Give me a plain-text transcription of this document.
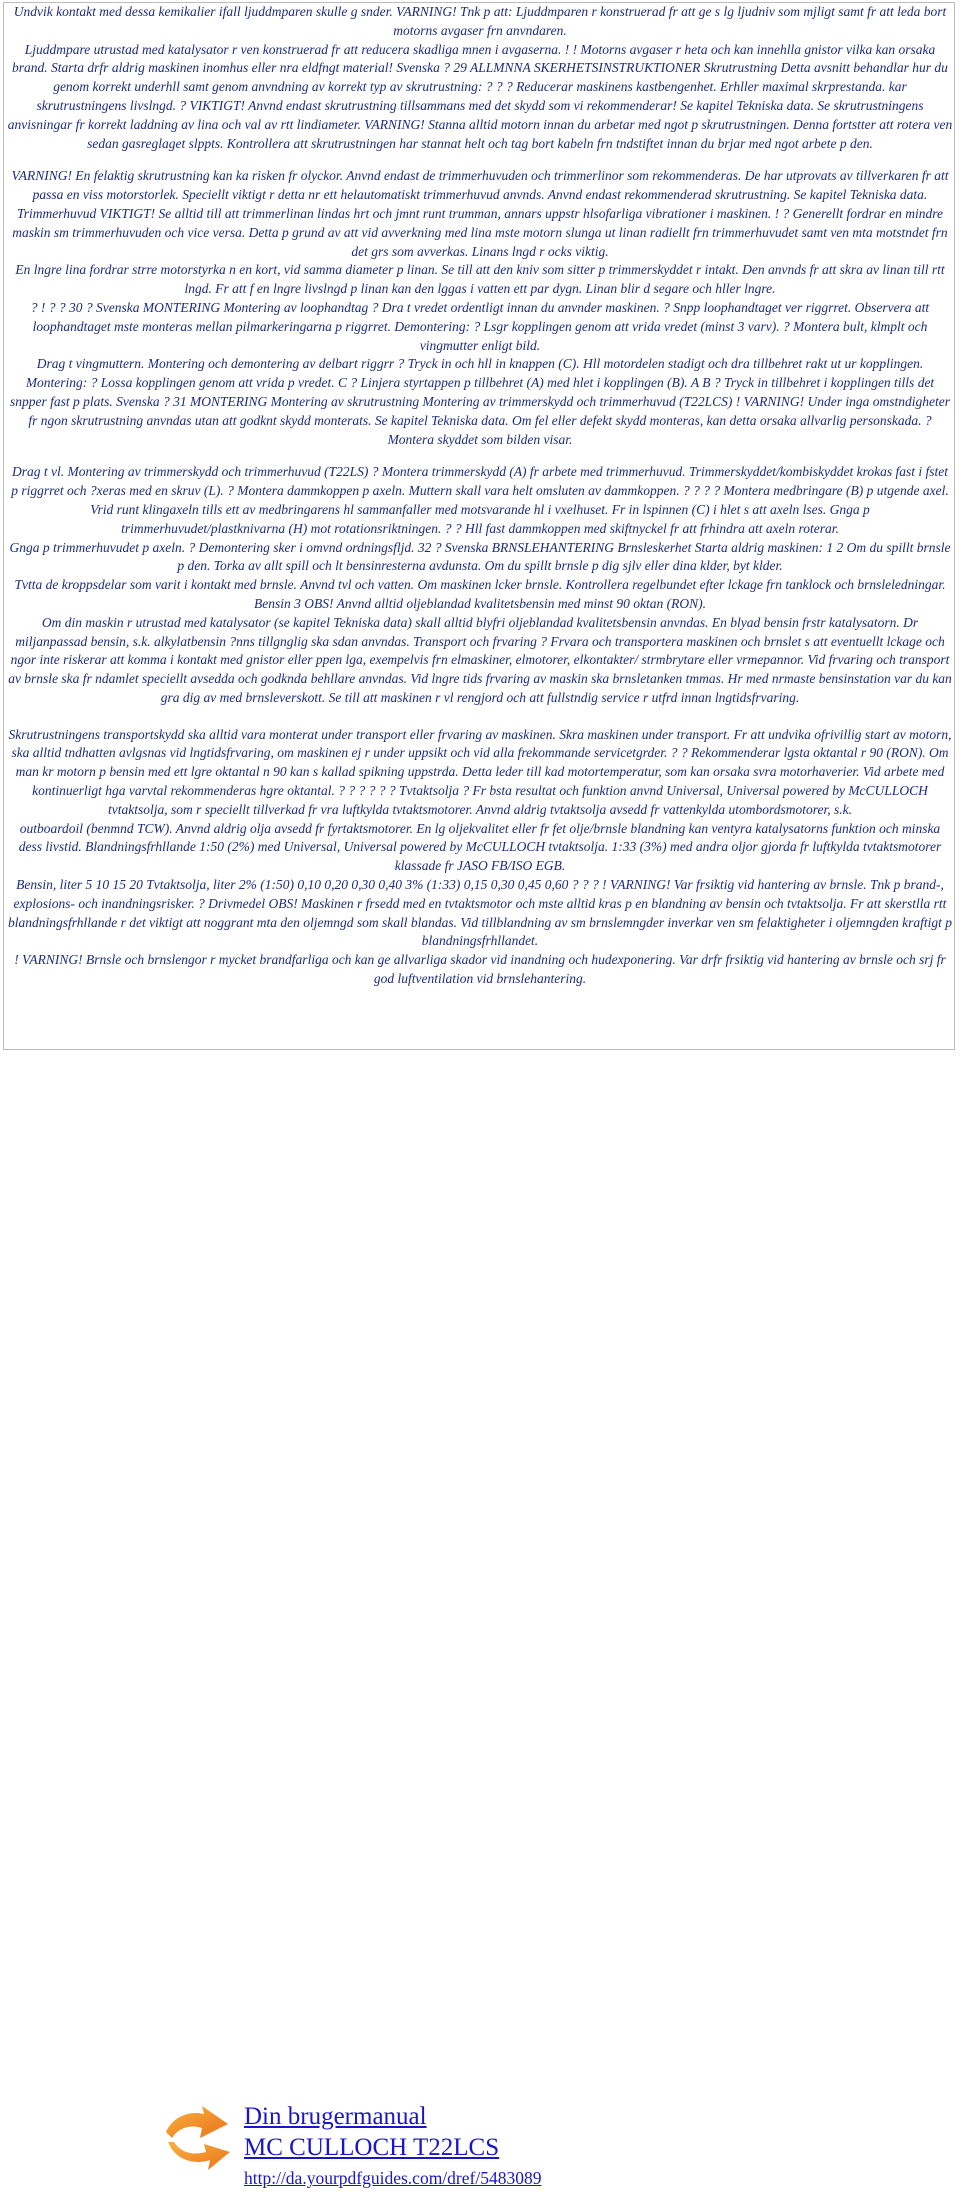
Undvik kontakt med dessa kemikalier ifall ljuddmparen skulle g snder. VARNING! Tnk p att: Ljuddmparen r konstruerad fr att ge s lg ljudniv som mjligt samt fr att leda bort motorns avgaser frn anvndaren.

Ljuddmpare utrustad med katalysator r ven konstruerad fr att reducera skadliga mnen i avgaserna. ! ! Motorns avgaser r heta och kan innehlla gnistor vilka kan orsaka brand. Starta drfr aldrig maskinen inomhus eller nra eldfngt material! Svenska ? 29 ALLMNNA SKERHETSINSTRUKTIONER Skrutrustning Detta avsnitt behandlar hur du genom korrekt underhll samt genom anvndning av korrekt typ av skrutrustning: ? ? ? Reducerar maskinens kastbengenhet. Erhller maximal skrprestanda. kar skrutrustningens livslngd. ? VIKTIGT! Anvnd endast skrutrustning tillsammans med det skydd som vi rekommenderar! Se kapitel Tekniska data. Se skrutrustningens anvisningar fr korrekt laddning av lina och val av rtt lindiameter. VARNING! Stanna alltid motorn innan du arbetar med ngot p skrutrustningen. Denna fortstter att rotera ven sedan gasreglaget slppts. Kontrollera att skrutrustningen har stannat helt och tag bort kabeln frn tndstiftet innan du brjar med ngot arbete p den.

VARNING! En felaktig skrutrustning kan ka risken fr olyckor. Anvnd endast de trimmerhuvuden och trimmerlinor som rekommenderas. De har utprovats av tillverkaren fr att passa en viss motorstorlek. Speciellt viktigt r detta nr ett helautomatiskt trimmerhuvud anvnds. Anvnd endast rekommenderad skrutrustning. Se kapitel Tekniska data. Trimmerhuvud VIKTIGT! Se alltid till att trimmerlinan lindas hrt och jmnt runt trumman, annars uppstr hlsofarliga vibrationer i maskinen. ! ? Generellt fordrar en mindre maskin sm trimmerhuvuden och vice versa. Detta p grund av att vid avverkning med lina mste motorn slunga ut linan radiellt frn trimmerhuvudet samt ven mta motstndet frn det grs som avverkas. Linans lngd r ocks viktig.

En lngre lina fordrar strre motorstyrka n en kort, vid samma diameter p linan. Se till att den kniv som sitter p trimmerskyddet r intakt. Den anvnds fr att skra av linan till rtt lngd. Fr att f en lngre livslngd p linan kan den lggas i vatten ett par dygn. Linan blir d segare och hller lngre.

? ! ? ? 30 ? Svenska MONTERING Montering av loophandtag ? Dra t vredet ordentligt innan du anvnder maskinen. ? Snpp loophandtaget ver riggrret. Observera att loophandtaget mste monteras mellan pilmarkeringarna p riggrret. Demontering: ? Lsgr kopplingen genom att vrida vredet (minst 3 varv). ? Montera bult, klmplt och vingmutter enligt bild.

Drag t vingmuttern. Montering och demontering av delbart riggrr ? Tryck in och hll in knappen (C). Hll motordelen stadigt och dra tillbehret rakt ut ur kopplingen. Montering: ? Lossa kopplingen genom att vrida p vredet. C ? Linjera styrtappen p tillbehret (A) med hlet i kopplingen (B). A B ? Tryck in tillbehret i kopplingen tills det snpper fast p plats. Svenska ? 31 MONTERING Montering av skrutrustning Montering av trimmerskydd och trimmerhuvud (T22LCS) ! VARNING! Under inga omstndigheter fr ngon skrutrustning anvndas utan att godknt skydd monterats. Se kapitel Tekniska data. Om fel eller defekt skydd monteras, kan detta orsaka allvarlig personskada. ? Montera skyddet som bilden visar.

Drag t vl. Montering av trimmerskydd och trimmerhuvud (T22LS) ? Montera trimmerskydd (A) fr arbete med trimmerhuvud. Trimmerskyddet/kombiskyddet krokas fast i fstet p riggrret och ?xeras med en skruv (L). ? Montera dammkoppen p axeln. Muttern skall vara helt omsluten av dammkoppen. ? ? ? ? Montera medbringare (B) p utgende axel. Vrid runt klingaxeln tills ett av medbringarens hl sammanfaller med motsvarande hl i vxelhuset. Fr in lspinnen (C) i hlet s att axeln lses. Gnga p trimmerhuvudet/plastknivarna (H) mot rotationsriktningen. ? ? Hll fast dammkoppen med skiftnyckel fr att frhindra att axeln roterar.

Gnga p trimmerhuvudet p axeln. ? Demontering sker i omvnd ordningsfljd. 32 ? Svenska BRNSLEHANTERING Brnsleskerhet Starta aldrig maskinen: 1 2 Om du spillt brnsle p den. Torka av allt spill och lt bensinresterna avdunsta. Om du spillt brnsle p dig sjlv eller dina klder, byt klder.

Tvtta de kroppsdelar som varit i kontakt med brnsle. Anvnd tvl och vatten. Om maskinen lcker brnsle. Kontrollera regelbundet efter lckage frn tanklock och brnsleledningar. Bensin 3 OBS! Anvnd alltid oljeblandad kvalitetsbensin med minst 90 oktan (RON).

Om din maskin r utrustad med katalysator (se kapitel Tekniska data) skall alltid blyfri oljeblandad kvalitetsbensin anvndas. En blyad bensin frstr katalysatorn. Dr miljanpassad bensin, s.k. alkylatbensin ?nns tillgnglig ska sdan anvndas. Transport och frvaring ? Frvara och transportera maskinen och brnslet s att eventuellt lckage och ngor inte riskerar att komma i kontakt med gnistor eller ppen lga, exempelvis frn elmaskiner, elmotorer, elkontakter/ strmbrytare eller vrmepannor. Vid frvaring och transport av brnsle ska fr ndamlet speciellt avsedda och godknda behllare anvndas. Vid lngre tids frvaring av maskin ska brnsletanken tmmas. Hr med nrmaste bensinstation var du kan gra dig av med brnsleverskott. Se till att maskinen r vl rengjord och att fullstndig service r utfrd innan lngtidsfrvaring.

Skrutrustningens transportskydd ska alltid vara monterat under transport eller frvaring av maskinen. Skra maskinen under transport. Fr att undvika ofrivillig start av motorn, ska alltid tndhatten avlgsnas vid lngtidsfrvaring, om maskinen ej r under uppsikt och vid alla frekommande servicetgrder. ? ? Rekommenderar lgsta oktantal r 90 (RON). Om man kr motorn p bensin med ett lgre oktantal n 90 kan s kallad spikning uppstrda. Detta leder till kad motortemperatur, som kan orsaka svra motorhaverier. Vid arbete med kontinuerligt hga varvtal rekommenderas hgre oktantal. ? ? ? ? ? ? Tvtaktsolja ? Fr bsta resultat och funktion anvnd Universal, Universal powered by McCULLOCH tvtaktsolja, som r speciellt tillverkad fr vra luftkylda tvtaktsmotorer. Anvnd aldrig tvtaktsolja avsedd fr vattenkylda utombordsmotorer, s.k.

outboardoil (benmnd TCW). Anvnd aldrig olja avsedd fr fyrtaktsmotorer. En lg oljekvalitet eller fr fet olje/brnsle blandning kan ventyra katalysatorns funktion och minska dess livstid. Blandningsfrhllande 1:50 (2%) med Universal, Universal powered by McCULLOCH tvtaktsolja. 1:33 (3%) med andra oljor gjorda fr luftkylda tvtaktsmotorer klassade fr JASO FB/ISO EGB.

Bensin, liter 5 10 15 20 Tvtaktsolja, liter 2% (1:50) 0,10 0,20 0,30 0,40 3% (1:33) 0,15 0,30 0,45 0,60 ? ? ? ! VARNING! Var frsiktig vid hantering av brnsle. Tnk p brand-, explosions- och inandningsrisker. ? Drivmedel OBS! Maskinen r frsedd med en tvtaktsmotor och mste alltid kras p en blandning av bensin och tvtaktsolja. Fr att skerstlla rtt blandningsfrhllande r det viktigt att noggrant mta den oljemngd som skall blandas. Vid tillblandning av sm brnslemngder inverkar ven sm felaktigheter i oljemngden kraftigt p blandningsfrhllandet.

! VARNING! Brnsle och brnslengor r mycket brandfarliga och kan ge allvarliga skador vid inandning och hudexponering. Var drfr frsiktig vid hantering av brnsle och srj fr god luftventilation vid brnslehantering.

Din brugermanual
MC CULLOCH T22LCS
http://da.yourpdfguides.com/dref/5483089
